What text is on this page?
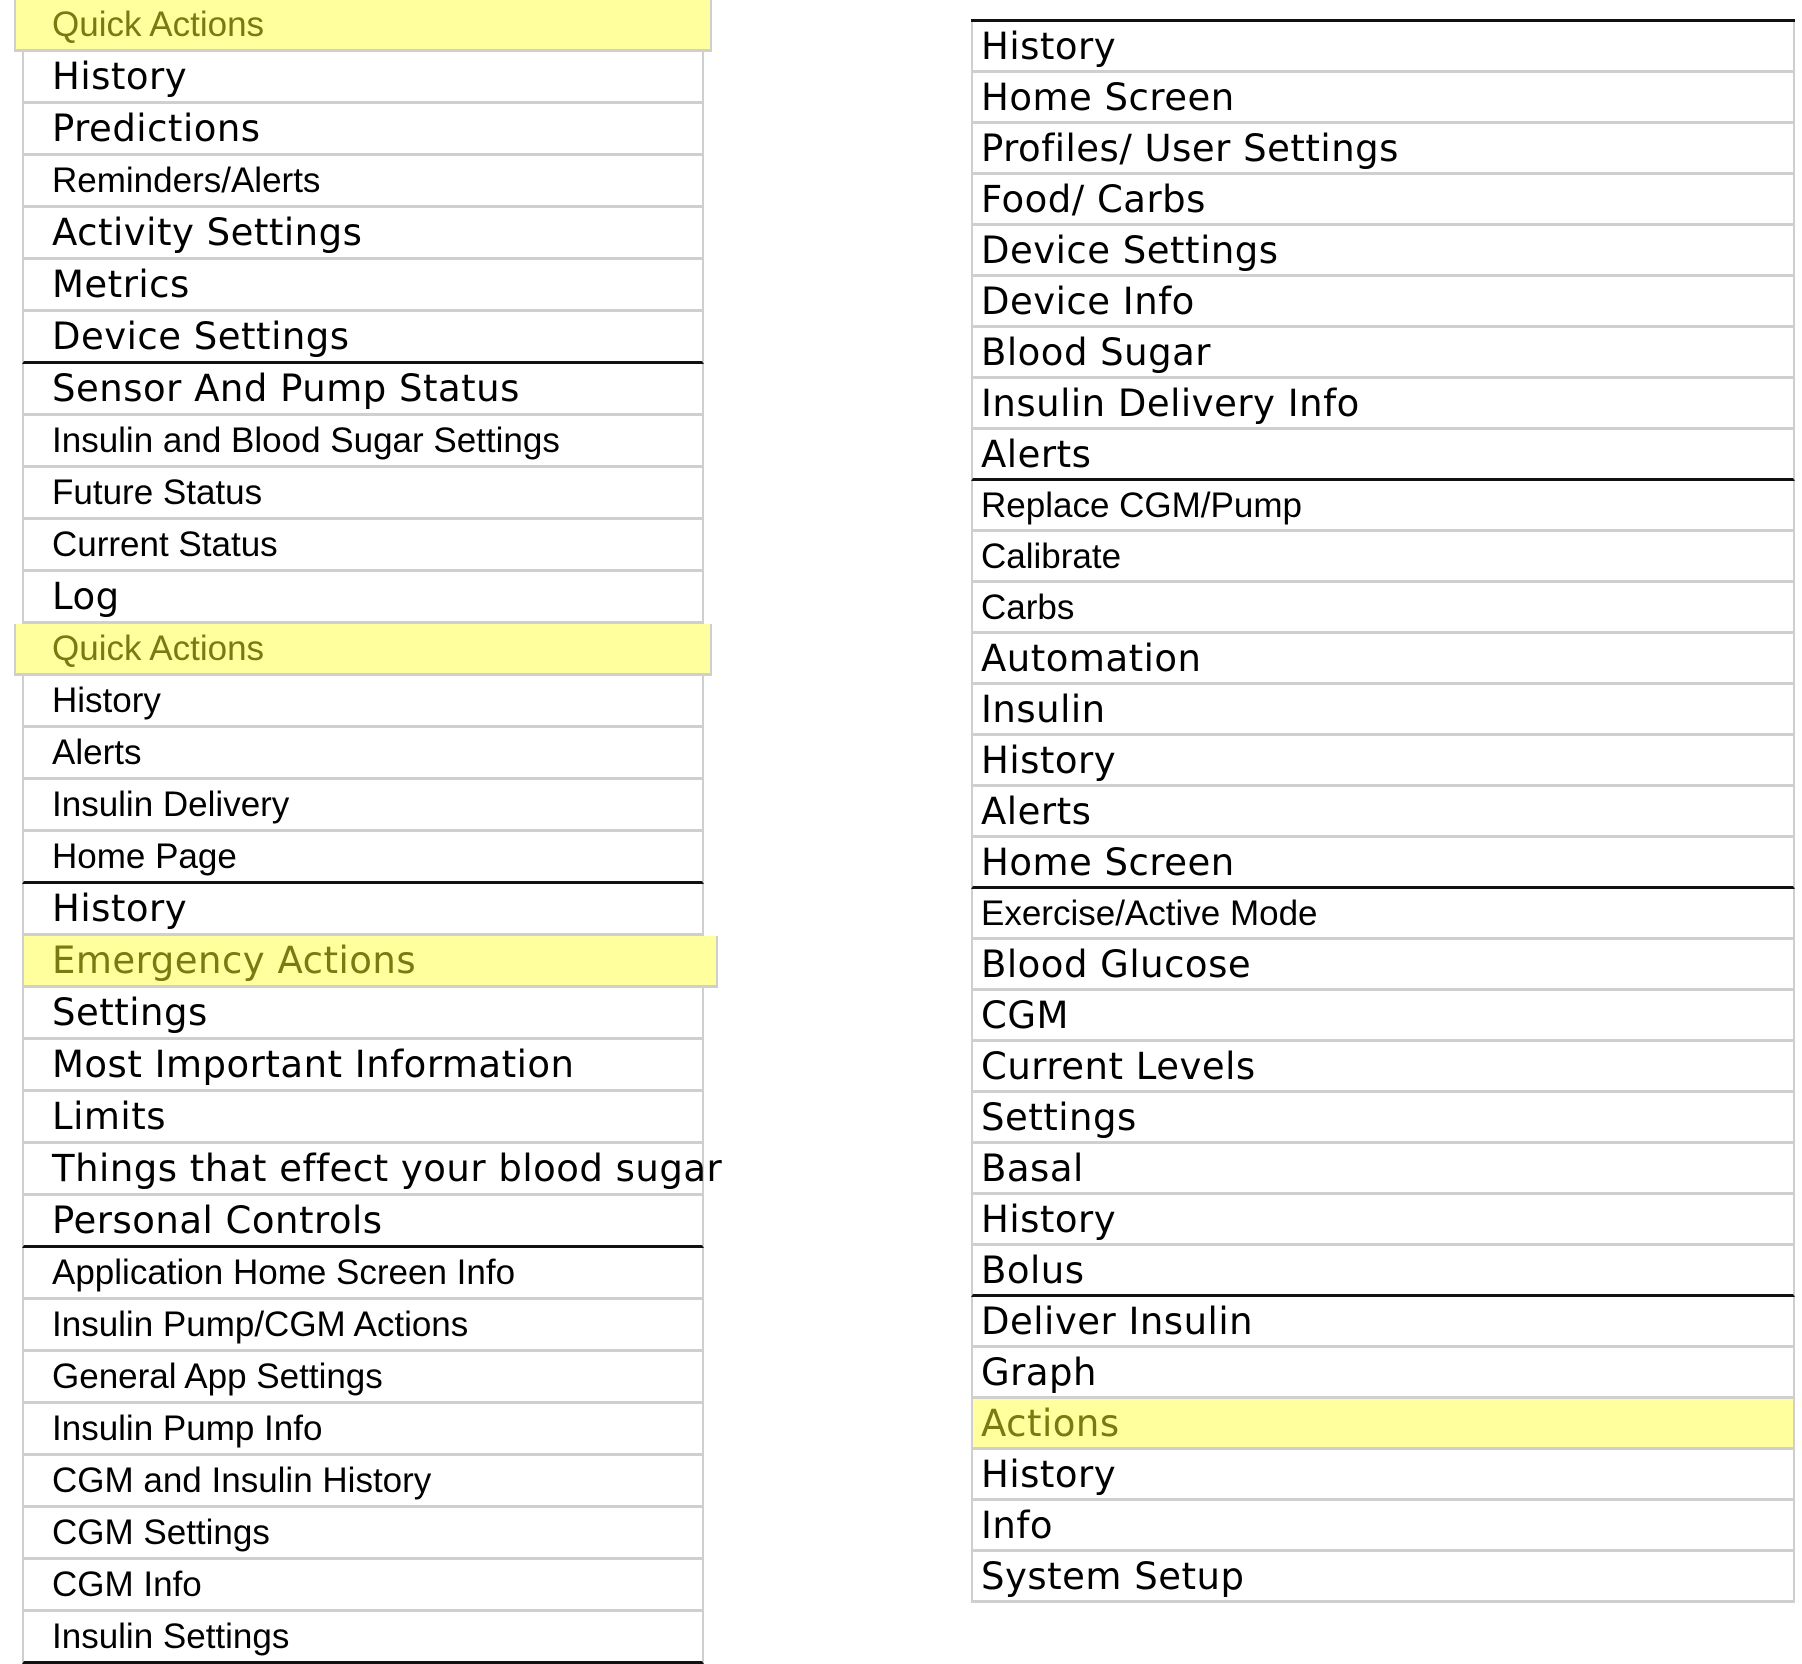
Quick Actions
History
Predictions
Reminders/Alerts
Activity Settings
Metrics
Device Settings
Sensor And Pump Status
Insulin and Blood Sugar Settings
Future Status
Current Status
Log
Quick Actions
History
Alerts
Insulin Delivery
Home Page
History
Emergency Actions
Settings
Most Important Information
Limits
Things that effect your blood sugar
Personal Controls
Application Home Screen Info
Insulin Pump/CGM Actions
General App Settings
Insulin Pump Info
CGM and Insulin History
CGM Settings
CGM Info
Insulin Settings
History
Home Screen
Profiles/ User Settings
Food/ Carbs
Device Settings
Device Info
Blood Sugar
Insulin Delivery Info
Alerts
Replace CGM/Pump
Calibrate
Carbs
Automation
Insulin
History
Alerts
Home Screen
Exercise/Active Mode
Blood Glucose
CGM
Current Levels
Settings
Basal
History
Bolus
Deliver Insulin
Graph
Actions
History
Info
System Setup
